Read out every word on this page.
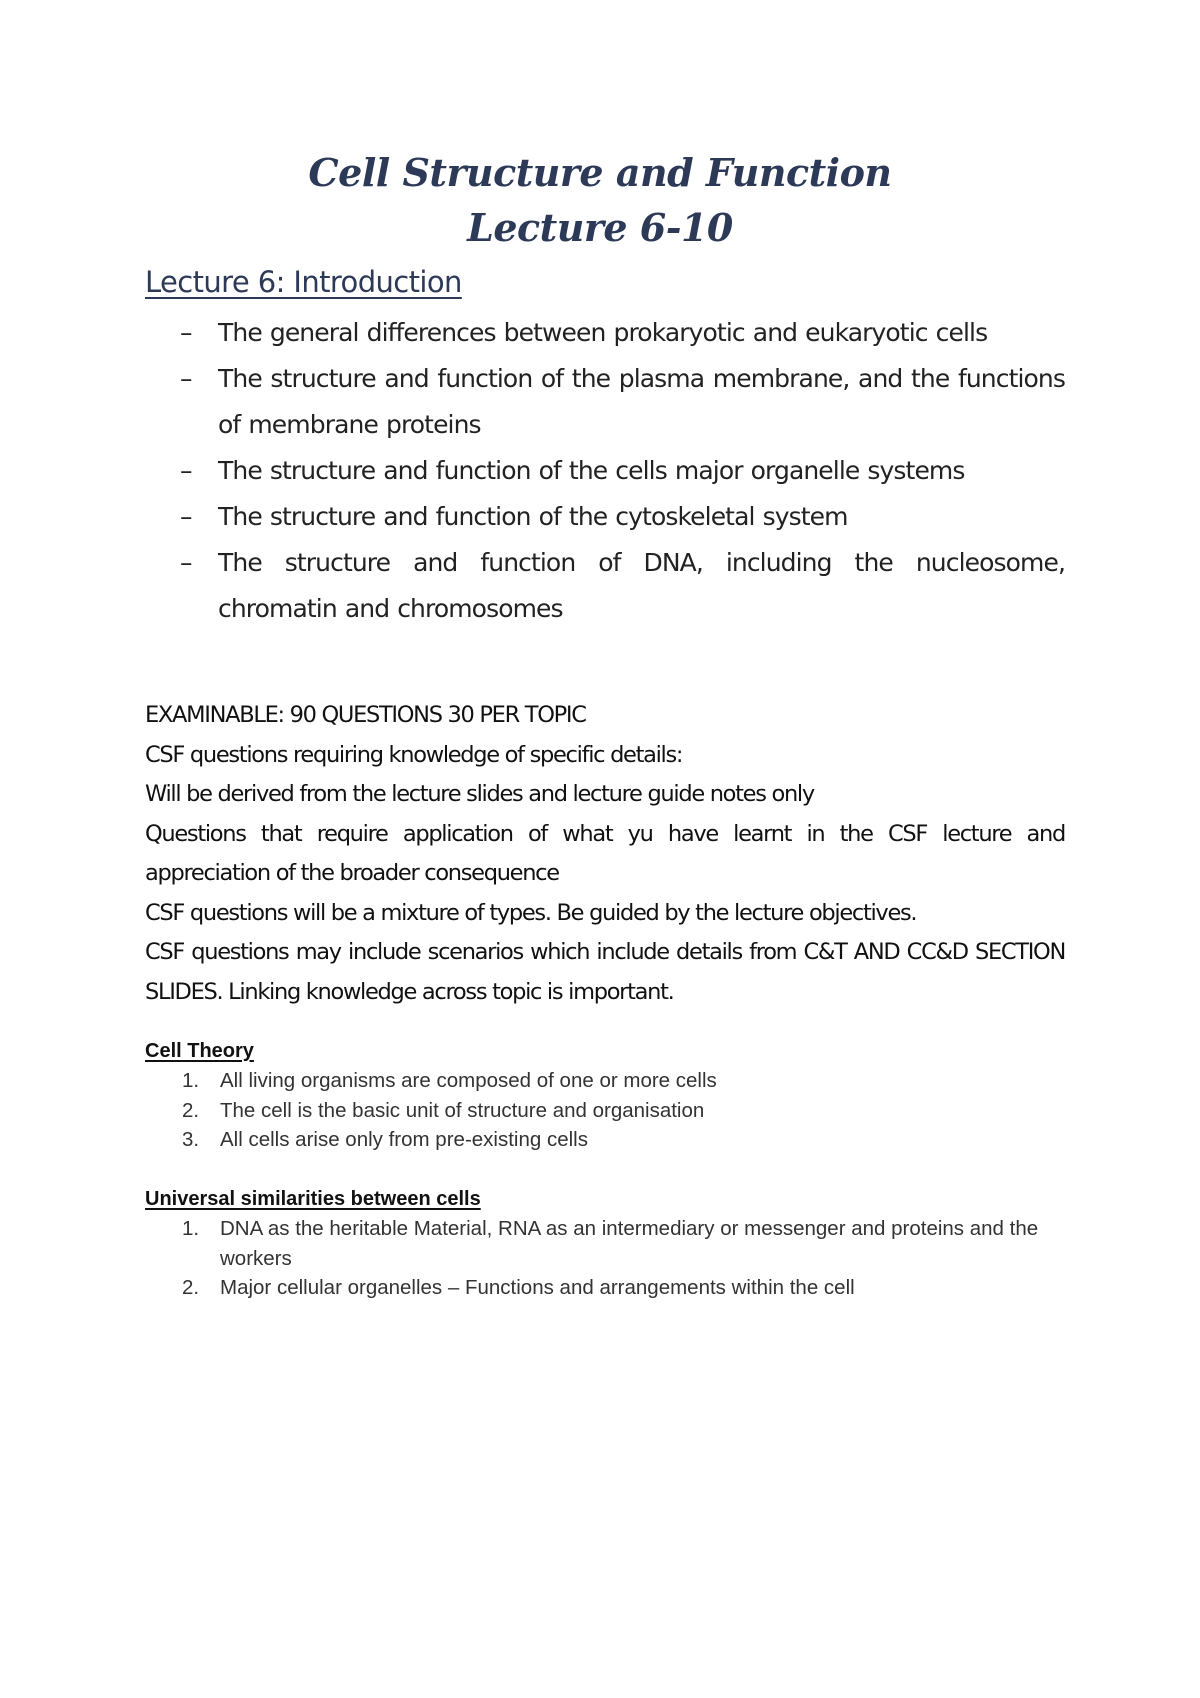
Cell Structure and Function
Lecture 6-10
Lecture 6: Introduction
– The general differences between prokaryotic and eukaryotic cells
– The structure and function of the plasma membrane, and the functions of membrane proteins
– The structure and function of the cells major organelle systems
– The structure and function of the cytoskeletal system
– The structure and function of DNA, including the nucleosome, chromatin and chromosomes

EXAMINABLE: 90 QUESTIONS 30 PER TOPIC

CSF questions requiring knowledge of specific details:

Will be derived from the lecture slides and lecture guide notes only

Questions that require application of what yu have learnt in the CSF lecture and appreciation of the broader consequence

CSF questions will be a mixture of types. Be guided by the lecture objectives.

CSF questions may include scenarios which include details from C&T AND CC&D SECTION SLIDES. Linking knowledge across topic is important.

Cell Theory
1. All living organisms are composed of one or more cells
2. The cell is the basic unit of structure and organisation
3. All cells arise only from pre-existing cells
Universal similarities between cells
1. DNA as the heritable Material, RNA as an intermediary or messenger and proteins and the workers
2. Major cellular organelles – Functions and arrangements within the cell
